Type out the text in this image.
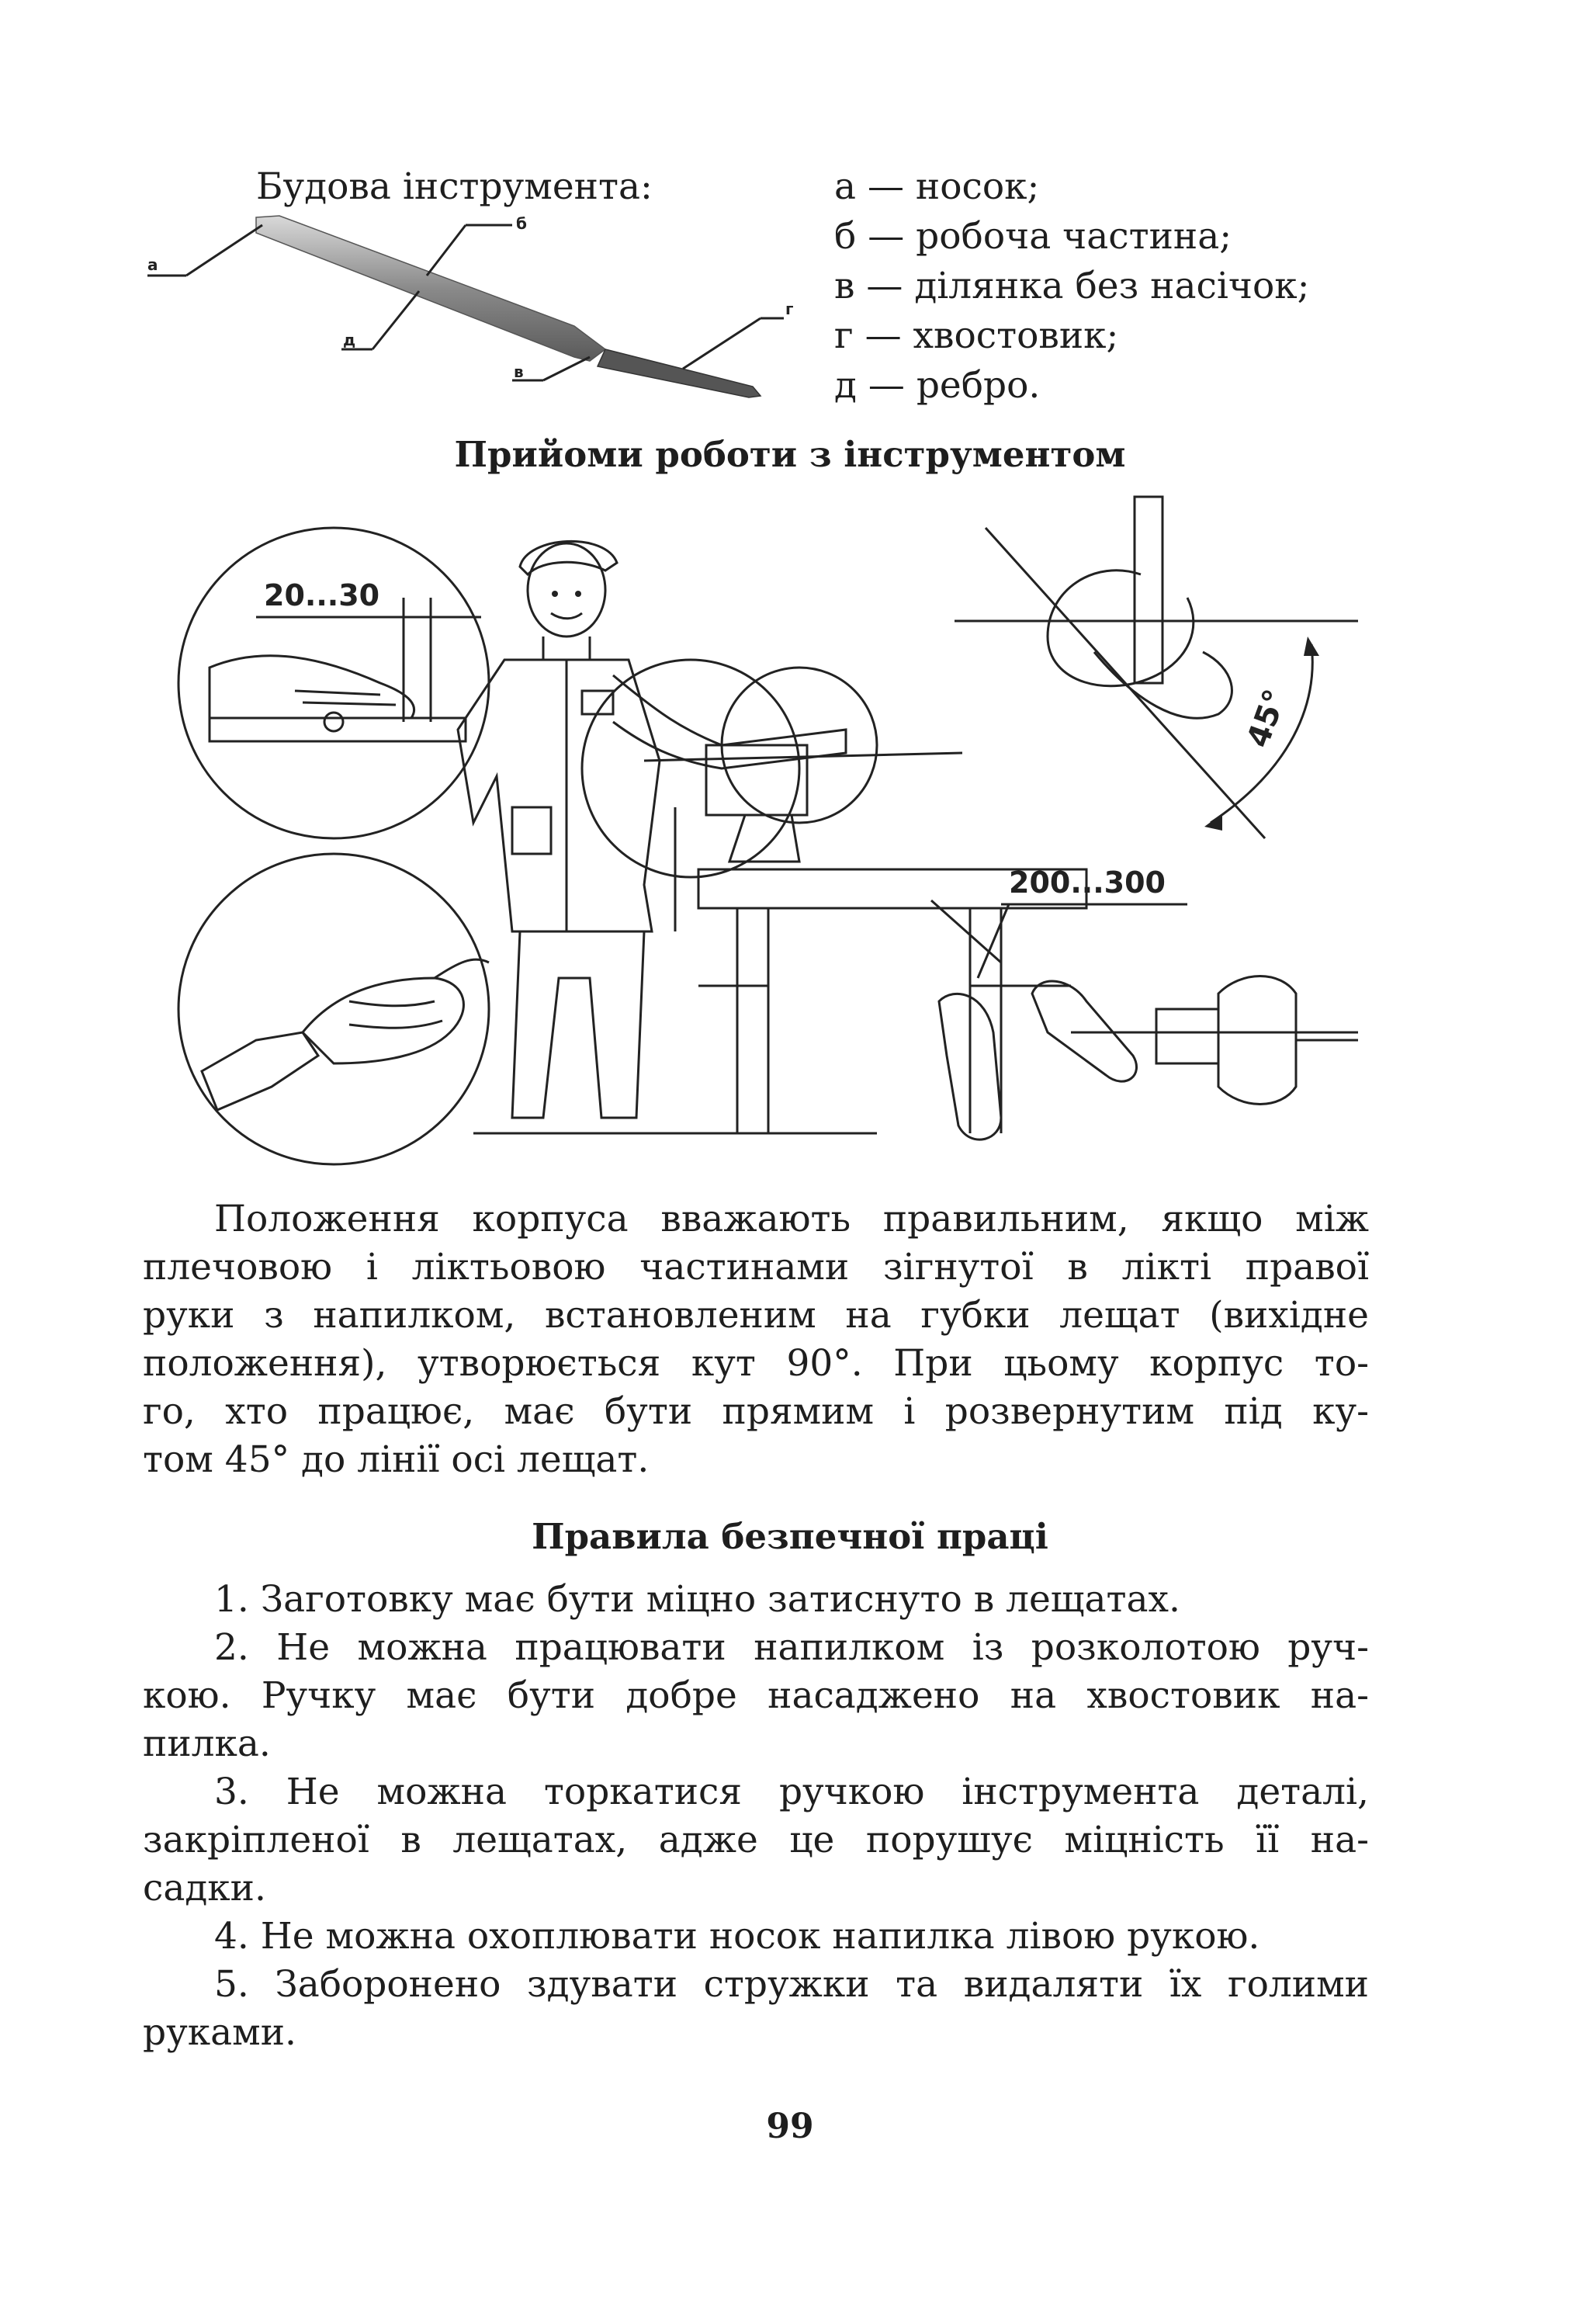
Будова інструмента:
а
б
д
в
г
а — носок;
б — робоча частина;
в — ділянка без насічок;
г — хвостовик;
д — ребро.
Прийоми роботи з інструментом
20...30
45°
200...300
Положення корпуса вважають правильним, якщо між
плечовою і ліктьовою частинами зігнутої в лікті правої
руки з напилком, встановленим на губки лещат (вихідне
положення), утворюється кут 90°. При цьому корпус то-
го, хто працює, має бути прямим і розвернутим під ку-
том 45° до лінії осі лещат.
Правила безпечної праці
1. Заготовку має бути міцно затиснуто в лещатах.
2. Не можна працювати напилком із розколотою руч-
кою. Ручку має бути добре насаджено на хвостовик на-
пилка.
3. Не можна торкатися ручкою інструмента деталі,
закріпленої в лещатах, адже це порушує міцність її на-
садки.
4. Не можна охоплювати носок напилка лівою рукою.
5. Заборонено здувати стружки та видаляти їх голими
руками.
99
